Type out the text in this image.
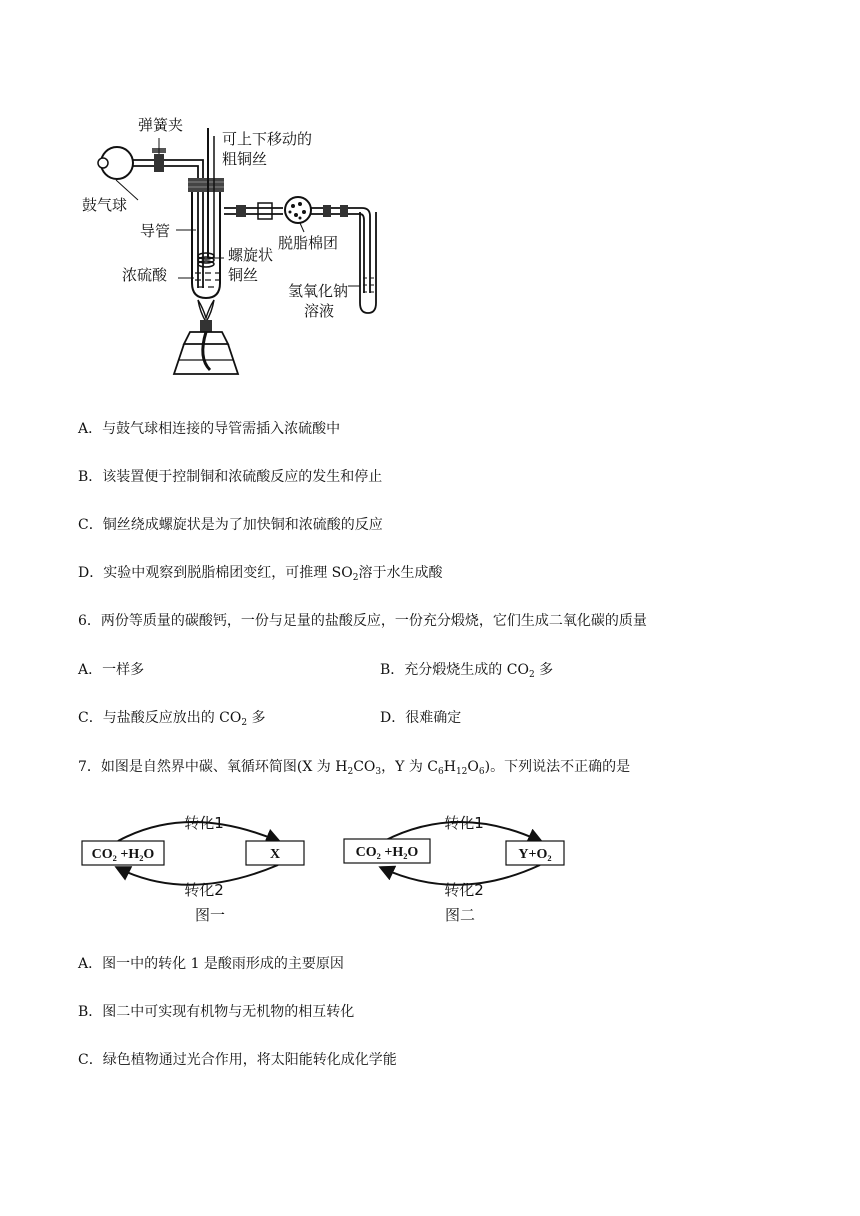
弹簧夹
可上下移动的
粗铜丝
鼓气球
导管
螺旋状
铜丝
浓硫酸
脱脂棉团
氢氧化钠
溶液
A．与鼓气球相连接的导管需插入浓硫酸中
B．该装置便于控制铜和浓硫酸反应的发生和停止
C．铜丝绕成螺旋状是为了加快铜和浓硫酸的反应
D．实验中观察到脱脂棉团变红，可推理 $SO_2$溶于水生成酸
6．两份等质量的碳酸钙，一份与足量的盐酸反应，一份充分煅烧，它们生成二氧化碳的质量
A．一样多	B．充分煅烧生成的 $CO_2$ 多
C．与盐酸反应放出的 $CO_2$ 多	D．很难确定
7．如图是自然界中碳、氧循环简图(X 为 $H_2CO_3$，Y 为 $C_6H_{12}O_6$)。下列说法不正确的是
CO₂ +H₂O	X
转化1
转化2
图一
CO₂ +H₂O	Y+O₂
转化1
转化2
图二
A．图一中的转化 1 是酸雨形成的主要原因
B．图二中可实现有机物与无机物的相互转化
C．绿色植物通过光合作用，将太阳能转化成化学能
